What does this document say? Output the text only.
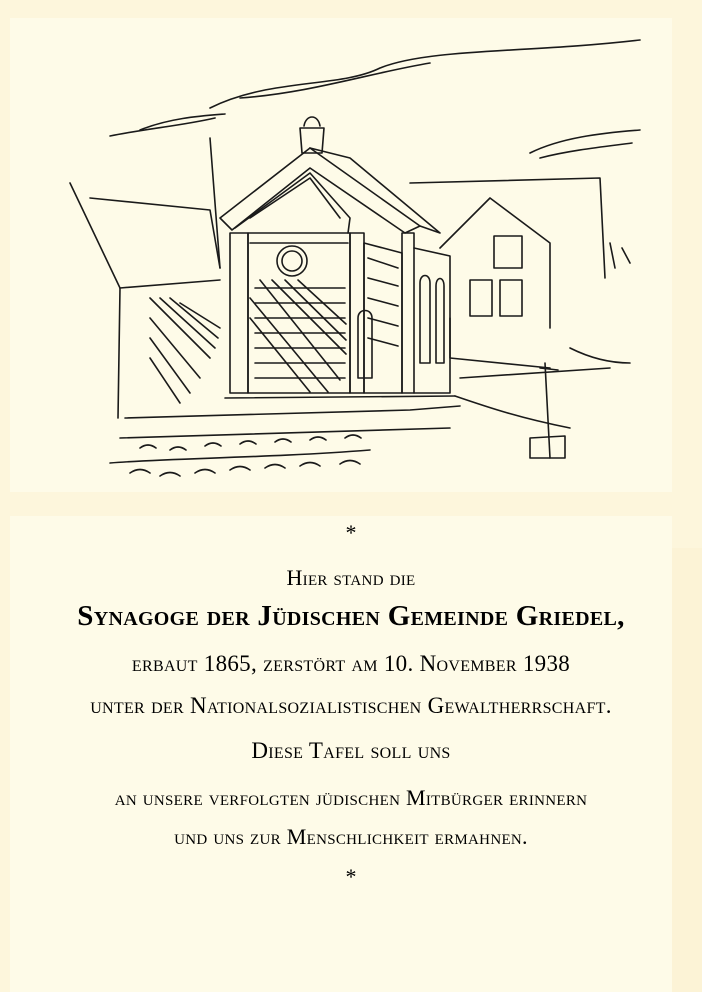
*
Hier stand die
Synagoge der Jüdischen Gemeinde Griedel,
erbaut 1865, zerstört am 10. November 1938
unter der Nationalsozialistischen Gewaltherrschaft.
Diese Tafel soll uns
an unsere verfolgten jüdischen Mitbürger erinnern
und uns zur Menschlichkeit ermahnen.
*
